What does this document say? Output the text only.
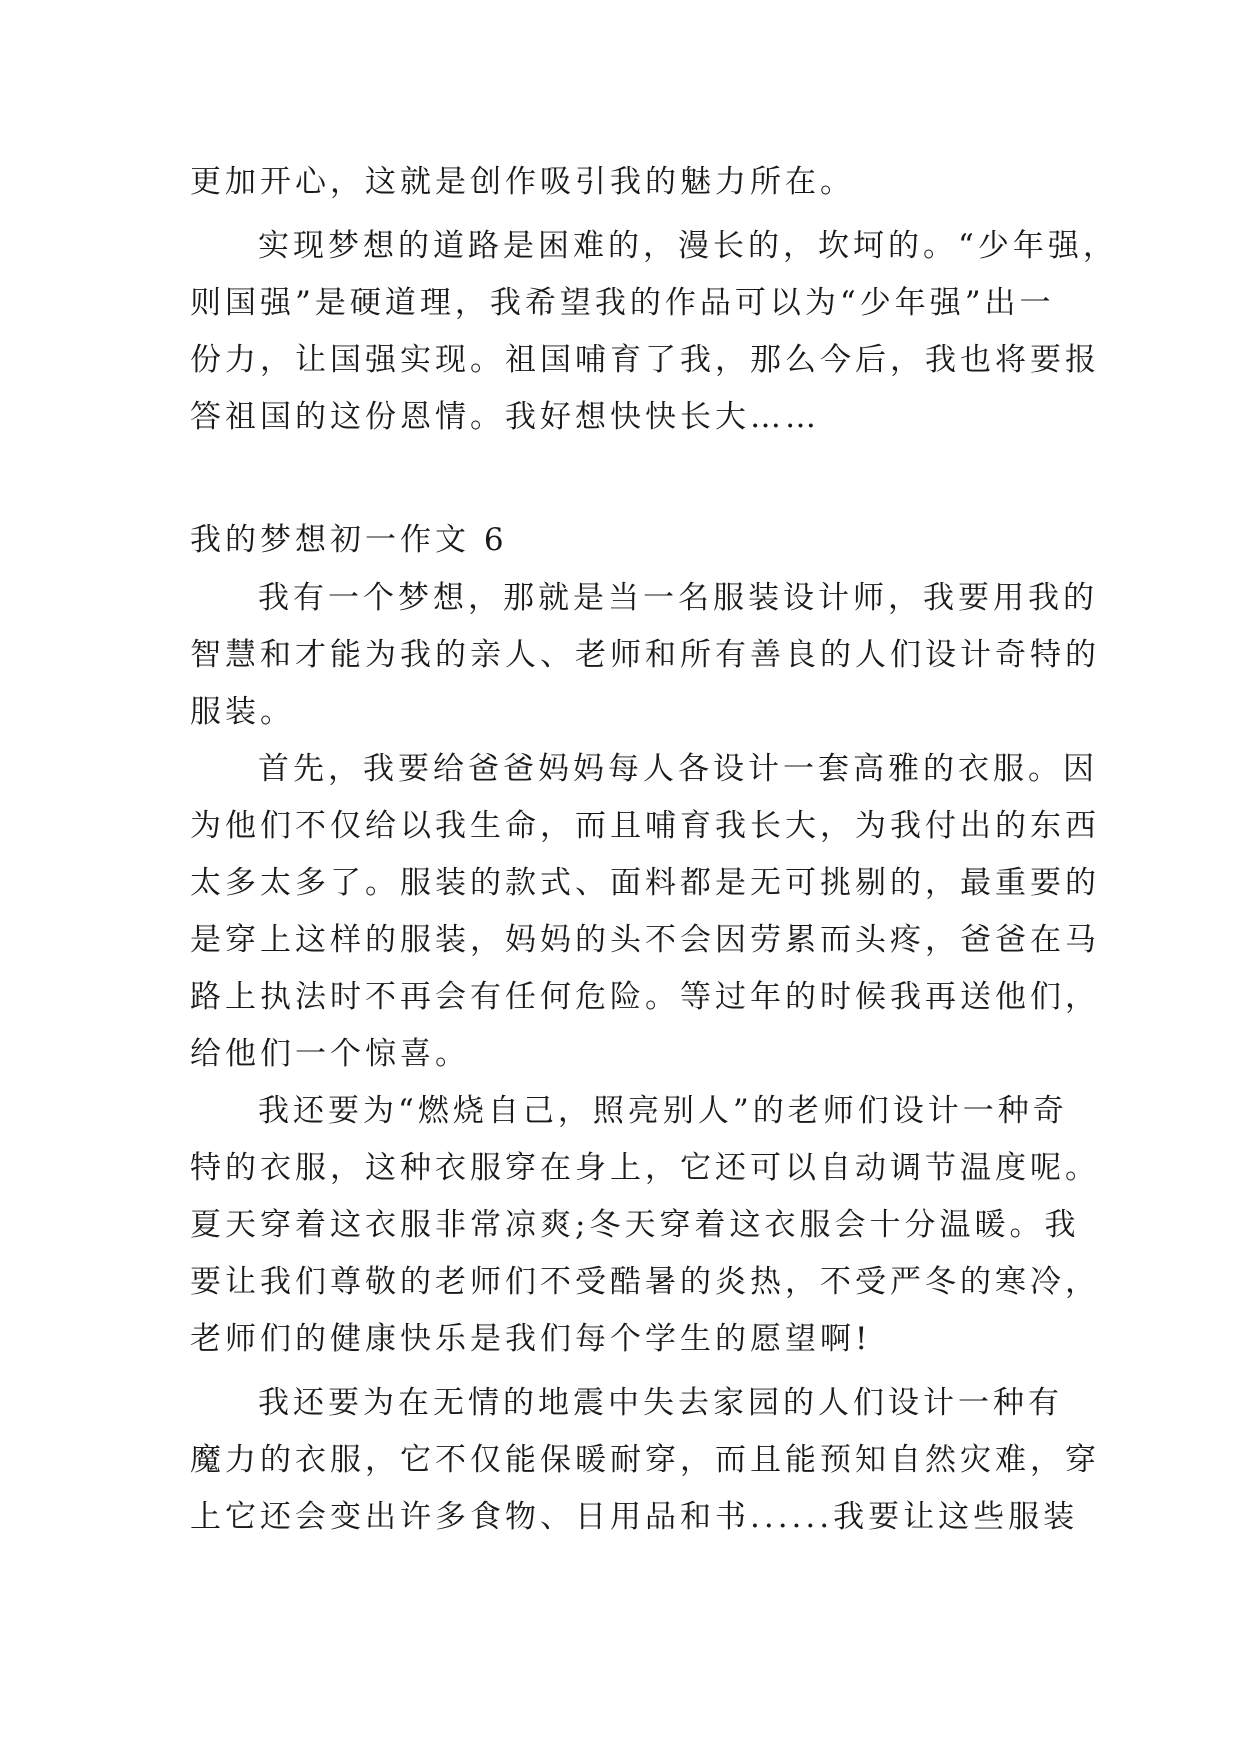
更加开心，这就是创作吸引我的魅力所在。

实现梦想的道路是困难的，漫长的，坎坷的。“少年强，

则国强”是硬道理，我希望我的作品可以为“少年强”出一

份力，让国强实现。祖国哺育了我，那么今后，我也将要报

答祖国的这份恩情。我好想快快长大……

我的梦想初一作文 6

我有一个梦想，那就是当一名服装设计师，我要用我的

智慧和才能为我的亲人、老师和所有善良的人们设计奇特的

服装。

首先，我要给爸爸妈妈每人各设计一套高雅的衣服。因

为他们不仅给以我生命，而且哺育我长大，为我付出的东西

太多太多了。服装的款式、面料都是无可挑剔的，最重要的

是穿上这样的服装，妈妈的头不会因劳累而头疼，爸爸在马

路上执法时不再会有任何危险。等过年的时候我再送他们，

给他们一个惊喜。

我还要为“燃烧自己，照亮别人”的老师们设计一种奇

特的衣服，这种衣服穿在身上，它还可以自动调节温度呢。

夏天穿着这衣服非常凉爽;冬天穿着这衣服会十分温暖。我

要让我们尊敬的老师们不受酷暑的炎热，不受严冬的寒冷，

老师们的健康快乐是我们每个学生的愿望啊!

我还要为在无情的地震中失去家园的人们设计一种有

魔力的衣服，它不仅能保暖耐穿，而且能预知自然灾难，穿

上它还会变出许多食物、日用品和书......我要让这些服装
